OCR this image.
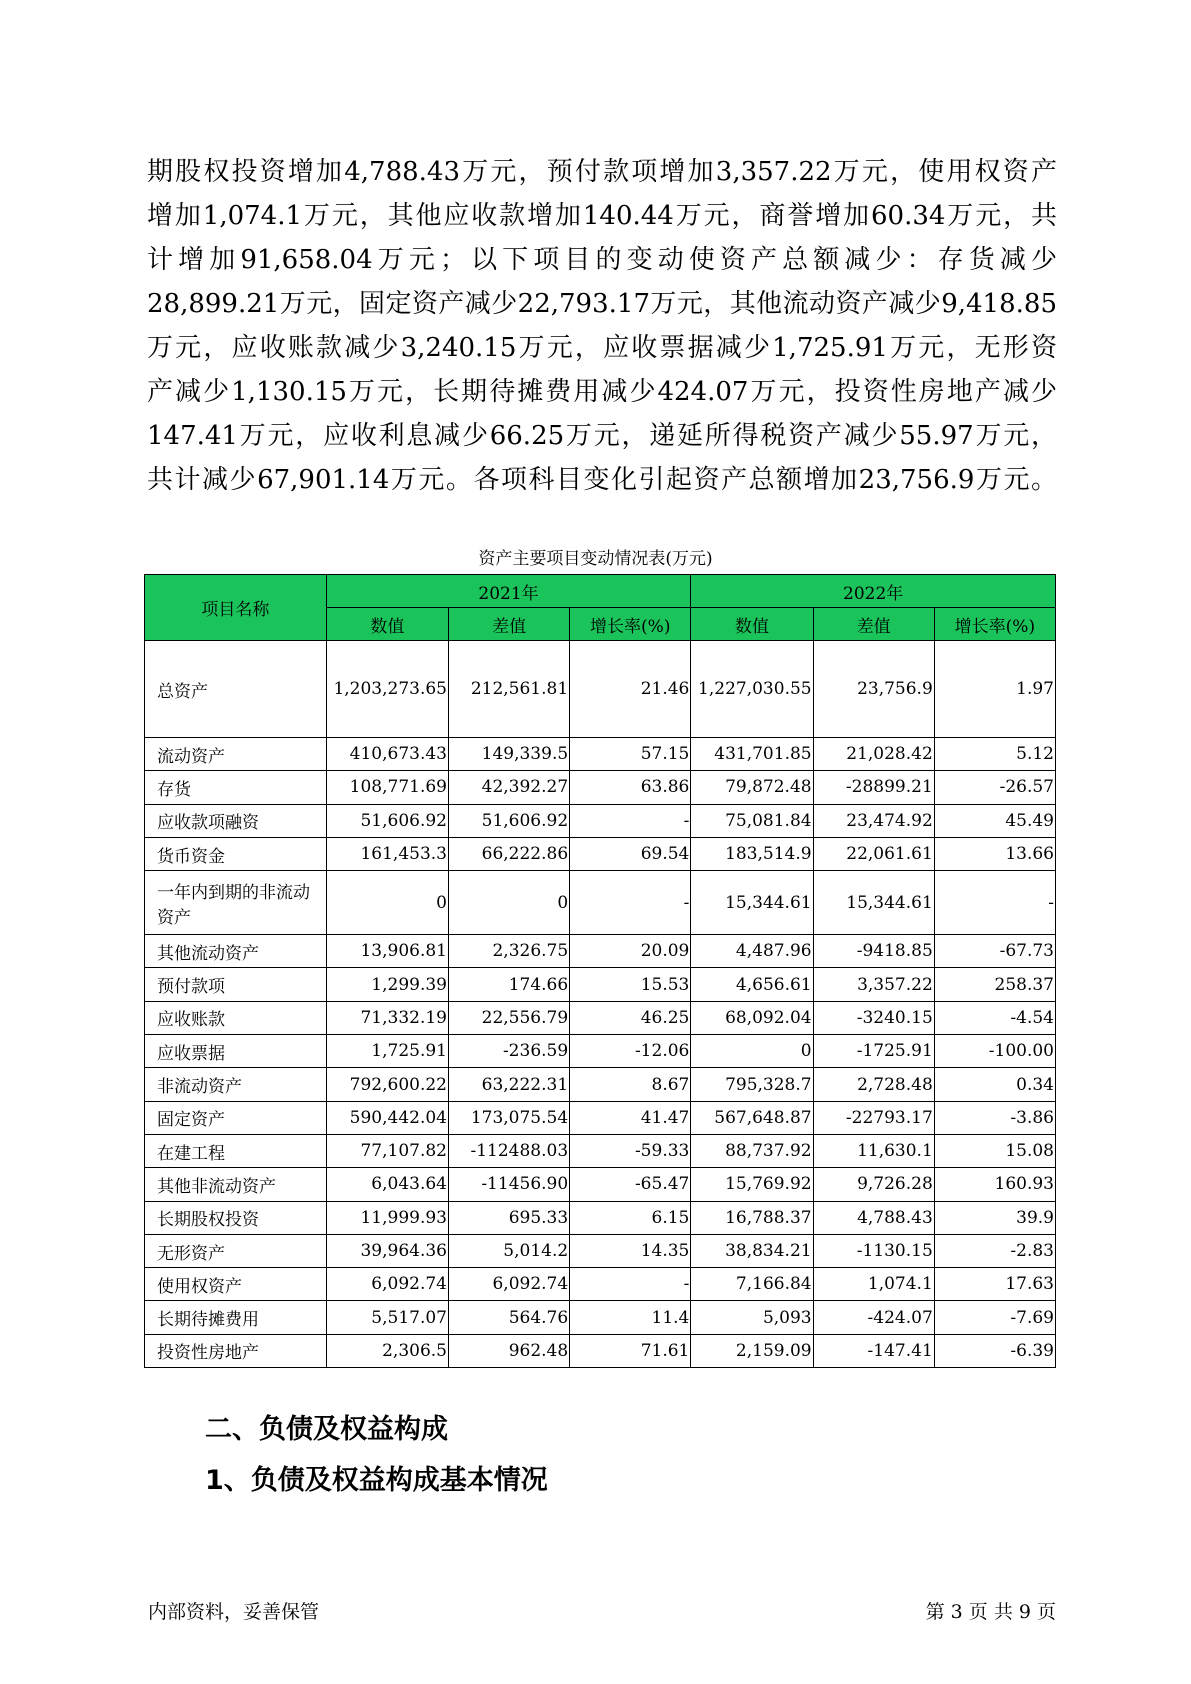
期股权投资增加4,788.43万元，预付款项增加3,357.22万元，使用权资产
增加1,074.1万元，其他应收款增加140.44万元，商誉增加60.34万元，共
计增加91,658.04万元；以下项目的变动使资产总额减少：存货减少
28,899.21万元，固定资产减少22,793.17万元，其他流动资产减少9,418.85
万元，应收账款减少3,240.15万元，应收票据减少1,725.91万元，无形资
产减少1,130.15万元，长期待摊费用减少424.07万元，投资性房地产减少
147.41万元，应收利息减少66.25万元，递延所得税资产减少55.97万元，
共计减少67,901.14万元。各项科目变化引起资产总额增加23,756.9万元。
资产主要项目变动情况表(万元)
项目名称	2021年			2022年		
	数值	差值	增长率(%)	数值	差值	增长率(%)
总资产	1,203,273.65	212,561.81	21.46	1,227,030.55	23,756.9	1.97
流动资产	410,673.43	149,339.5	57.15	431,701.85	21,028.42	5.12
存货	108,771.69	42,392.27	63.86	79,872.48	-28899.21	-26.57
应收款项融资	51,606.92	51,606.92	-	75,081.84	23,474.92	45.49
货币资金	161,453.3	66,222.86	69.54	183,514.9	22,061.61	13.66
一年内到期的非流动资产	0	0	-	15,344.61	15,344.61	-
其他流动资产	13,906.81	2,326.75	20.09	4,487.96	-9418.85	-67.73
预付款项	1,299.39	174.66	15.53	4,656.61	3,357.22	258.37
应收账款	71,332.19	22,556.79	46.25	68,092.04	-3240.15	-4.54
应收票据	1,725.91	-236.59	-12.06	0	-1725.91	-100.00
非流动资产	792,600.22	63,222.31	8.67	795,328.7	2,728.48	0.34
固定资产	590,442.04	173,075.54	41.47	567,648.87	-22793.17	-3.86
在建工程	77,107.82	-112488.03	-59.33	88,737.92	11,630.1	15.08
其他非流动资产	6,043.64	-11456.90	-65.47	15,769.92	9,726.28	160.93
长期股权投资	11,999.93	695.33	6.15	16,788.37	4,788.43	39.9
无形资产	39,964.36	5,014.2	14.35	38,834.21	-1130.15	-2.83
使用权资产	6,092.74	6,092.74	-	7,166.84	1,074.1	17.63
长期待摊费用	5,517.07	564.76	11.4	5,093	-424.07	-7.69
投资性房地产	2,306.5	962.48	71.61	2,159.09	-147.41	-6.39
二、负债及权益构成
1、负债及权益构成基本情况
内部资料，妥善保管	第 3 页 共 9 页
